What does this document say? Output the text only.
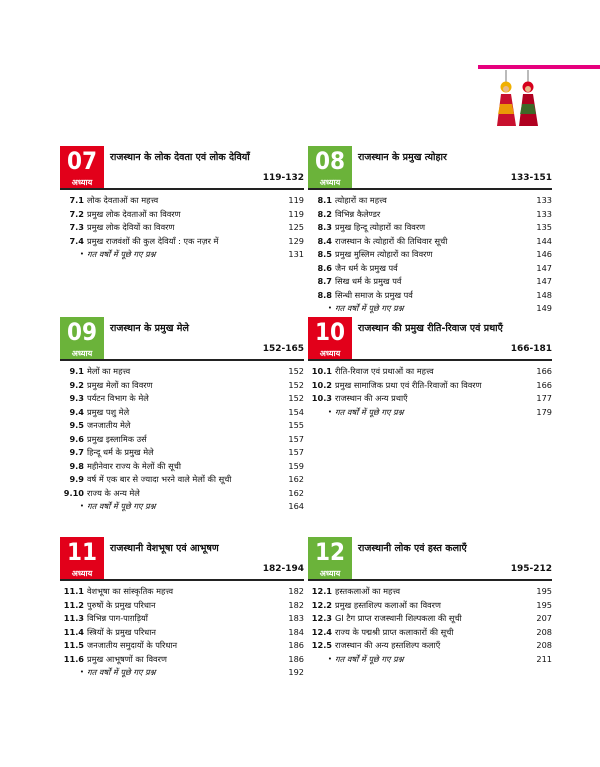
07
अध्याय
राजस्थान के लोक देवता एवं लोक देवियाँ
119-132
7.1 लोक देवताओं का महत्त्व	119
7.2 प्रमुख लोक देवताओं का विवरण	119
7.3 प्रमुख लोक देवियों का विवरण	125
7.4 प्रमुख राजवंशों की कुल देवियाँ : एक नज़र में	129
• गत वर्षों में पूछे गए प्रश्न	131
08
अध्याय
राजस्थान के प्रमुख त्योहार
133-151
8.1 त्योहारों का महत्त्व	133
8.2 विभिन्न कैलेण्डर	133
8.3 प्रमुख हिन्दू त्योहारों का विवरण	135
8.4 राजस्थान के त्योहारों की तिथिवार सूची	144
8.5 प्रमुख मुस्लिम त्योहारों का विवरण	146
8.6 जैन धर्म के प्रमुख पर्व	147
8.7 सिख धर्म के प्रमुख पर्व	147
8.8 सिन्धी समाज के प्रमुख पर्व	148
• गत वर्षों में पूछे गए प्रश्न	149
09
अध्याय
राजस्थान के प्रमुख मेले
152-165
9.1 मेलों का महत्त्व	152
9.2 प्रमुख मेलों का विवरण	152
9.3 पर्यटन विभाग के मेले	152
9.4 प्रमुख पशु मेले	154
9.5 जनजातीय मेले	155
9.6 प्रमुख इस्लामिक उर्स	157
9.7 हिन्दू धर्म के प्रमुख मेले	157
9.8 महीनेवार राज्य के मेलों की सूची	159
9.9 वर्ष में एक बार से ज्यादा भरने वाले मेलों की सूची	162
9.10 राज्य के अन्य मेले	162
• गत वर्षों में पूछे गए प्रश्न	164
10
अध्याय
राजस्थान की प्रमुख रीति-रिवाज एवं प्रथाएँ
166-181
10.1 रीति-रिवाज एवं प्रथाओं का महत्त्व	166
10.2 प्रमुख सामाजिक प्रथा एवं रीति-रिवाजों का विवरण	166
10.3 राजस्थान की अन्य प्रथाएँ	177
• गत वर्षों में पूछे गए प्रश्न	179
11
अध्याय
राजस्थानी वेशभूषा एवं आभूषण
182-194
11.1 वेशभूषा का सांस्कृतिक महत्त्व	182
11.2 पुरुषों के प्रमुख परिधान	182
11.3 विभिन्न पाग-पाग़ड़ियाँ	183
11.4 स्त्रियों के प्रमुख परिधान	184
11.5 जनजातीय समुदायों के परिधान	186
11.6 प्रमुख आभूषणों का विवरण	186
• गत वर्षों में पूछे गए प्रश्न	192
12
अध्याय
राजस्थानी लोक एवं हस्त कलाएँ
195-212
12.1 हस्तकलाओं का महत्त्व	195
12.2 प्रमुख हस्तशिल्प कलाओं का विवरण	195
12.3 GI टैग प्राप्त राजस्थानी शिल्पकला की सूची	207
12.4 राज्य के पद्मश्री प्राप्त कलाकारों की सूची	208
12.5 राजस्थान की अन्य हस्तशिल्प कलाएँ	208
• गत वर्षों में पूछे गए प्रश्न	211
